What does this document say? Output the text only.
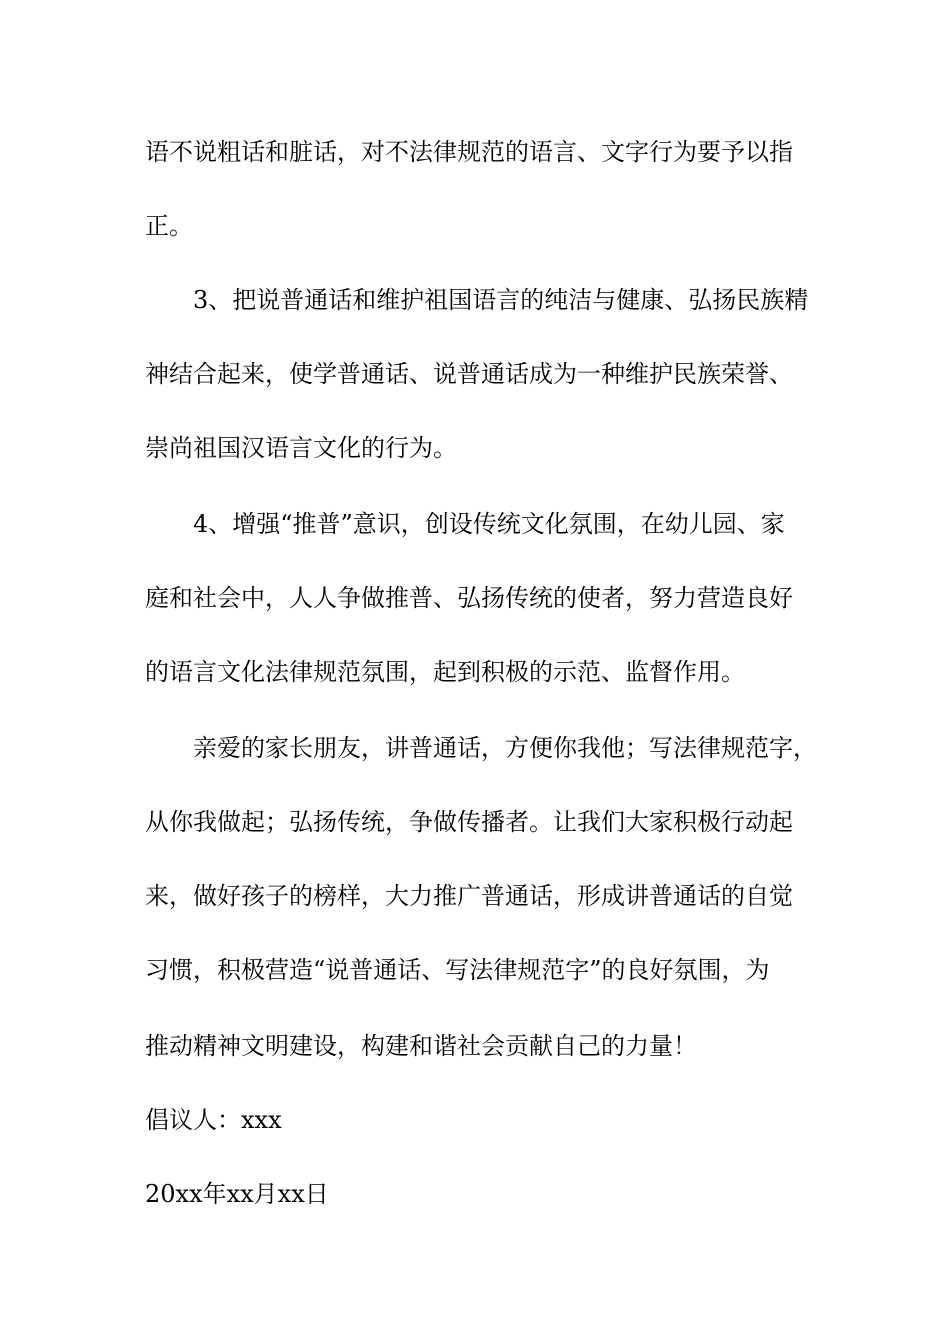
语不说粗话和脏话，对不法律规范的语言、文字行为要予以指

正。

3、把说普通话和维护祖国语言的纯洁与健康、弘扬民族精

神结合起来，使学普通话、说普通话成为一种维护民族荣誉、

崇尚祖国汉语言文化的行为。

4、增强“推普”意识，创设传统文化氛围，在幼儿园、家

庭和社会中，人人争做推普、弘扬传统的使者，努力营造良好

的语言文化法律规范氛围，起到积极的示范、监督作用。

亲爱的家长朋友，讲普通话，方便你我他；写法律规范字，

从你我做起；弘扬传统，争做传播者。让我们大家积极行动起

来，做好孩子的榜样，大力推广普通话，形成讲普通话的自觉

习惯，积极营造“说普通话、写法律规范字”的良好氛围，为

推动精神文明建设，构建和谐社会贡献自己的力量！

倡议人：xxx

20xx年xx月xx日
